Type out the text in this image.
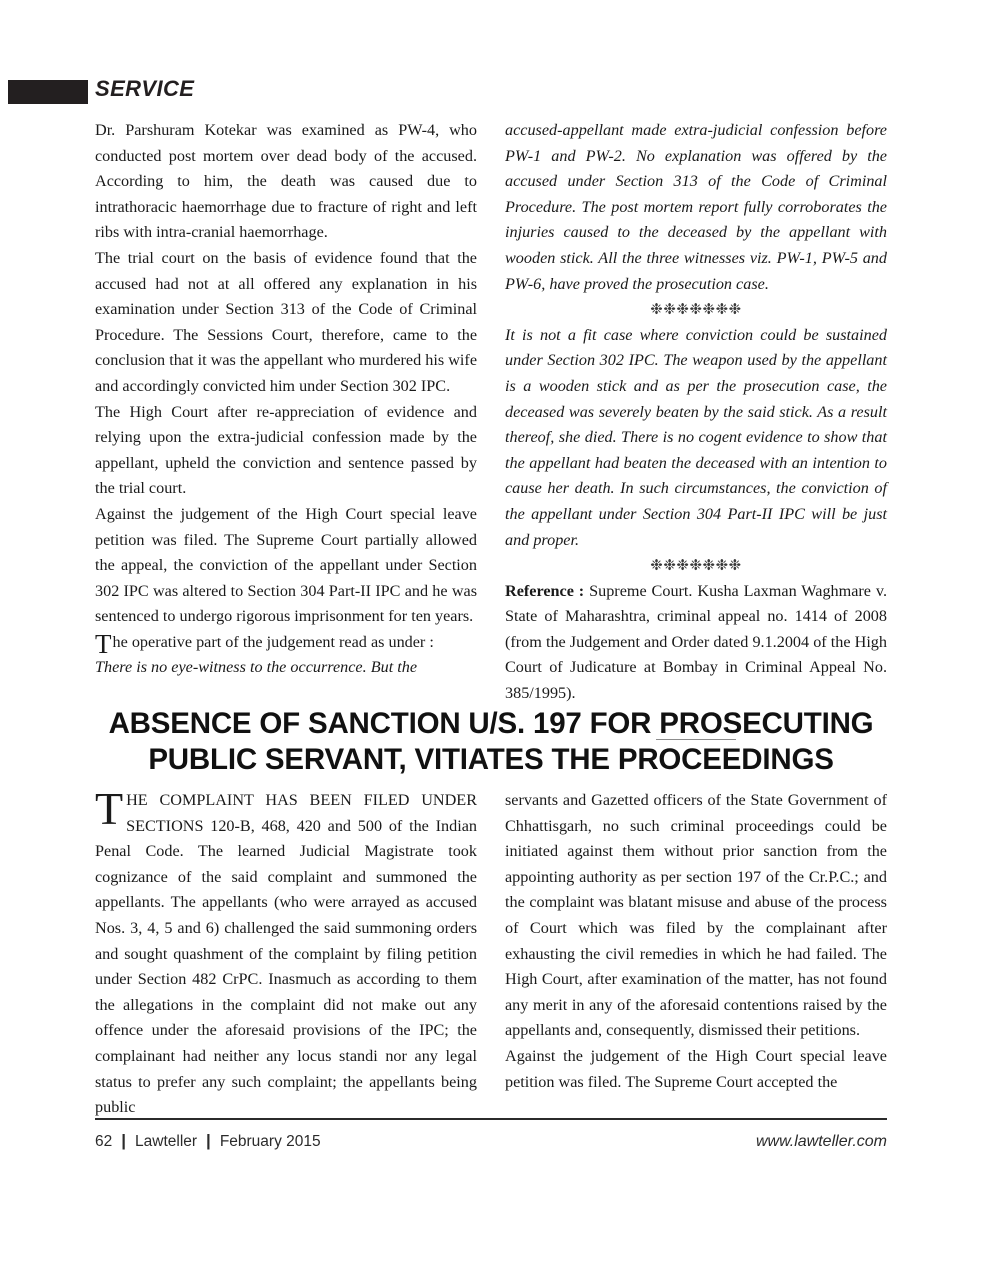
SERVICE

Dr. Parshuram Kotekar was examined as PW-4, who conducted post mortem over dead body of the accused. According to him, the death was caused due to intrathoracic haemorrhage due to fracture of right and left ribs with intra-cranial haemorrhage.

The trial court on the basis of evidence found that the accused had not at all offered any explanation in his examination under Section 313 of the Code of Criminal Procedure. The Sessions Court, therefore, came to the conclusion that it was the appellant who murdered his wife and accordingly convicted him under Section 302 IPC.

The High Court after re-appreciation of evidence and relying upon the extra-judicial confession made by the appellant, upheld the conviction and sentence passed by the trial court.

Against the judgement of the High Court special leave petition was filed. The Supreme Court partially allowed the appeal, the conviction of the appellant under Section 302 IPC was altered to Section 304 Part-II IPC and he was sentenced to undergo rigorous imprisonment for ten years.

The operative part of the judgement read as under :

There is no eye-witness to the occurrence. But the

accused-appellant made extra-judicial confession before PW-1 and PW-2. No explanation was offered by the accused under Section 313 of the Code of Criminal Procedure. The post mortem report fully corroborates the injuries caused to the deceased by the appellant with wooden stick. All the three witnesses viz. PW-1, PW-5 and PW-6, have proved the prosecution case.

❉❉❉❉❉❉❉

It is not a fit case where conviction could be sustained under Section 302 IPC. The weapon used by the appellant is a wooden stick and as per the prosecution case, the deceased was severely beaten by the said stick. As a result thereof, she died. There is no cogent evidence to show that the appellant had beaten the deceased with an intention to cause her death. In such circumstances, the conviction of the appellant under Section 304 Part-II IPC will be just and proper.

❉❉❉❉❉❉❉

Reference : Supreme Court. Kusha Laxman Waghmare v. State of Maharashtra, criminal appeal no. 1414 of 2008 (from the Judgement and Order dated 9.1.2004 of the High Court of Judicature at Bombay in Criminal Appeal No. 385/1995).

ABSENCE OF SANCTION U/S. 197 FOR PROSECUTING PUBLIC SERVANT, VITIATES THE PROCEEDINGS

THE COMPLAINT HAS BEEN FILED UNDER SECTIONS 120-B, 468, 420 and 500 of the Indian Penal Code. The learned Judicial Magistrate took cognizance of the said complaint and summoned the appellants. The appellants (who were arrayed as accused Nos. 3, 4, 5 and 6) challenged the said summoning orders and sought quashment of the complaint by filing petition under Section 482 CrPC. Inasmuch as according to them the allegations in the complaint did not make out any offence under the aforesaid provisions of the IPC; the complainant had neither any locus standi nor any legal status to prefer any such complaint; the appellants being public

servants and Gazetted officers of the State Government of Chhattisgarh, no such criminal proceedings could be initiated against them without prior sanction from the appointing authority as per section 197 of the Cr.P.C.; and the complaint was blatant misuse and abuse of the process of Court which was filed by the complainant after exhausting the civil remedies in which he had failed. The High Court, after examination of the matter, has not found any merit in any of the aforesaid contentions raised by the appellants and, consequently, dismissed their petitions.

Against the judgement of the High Court special leave petition was filed. The Supreme Court accepted the

62 | Lawteller | February 2015	www.lawteller.com
